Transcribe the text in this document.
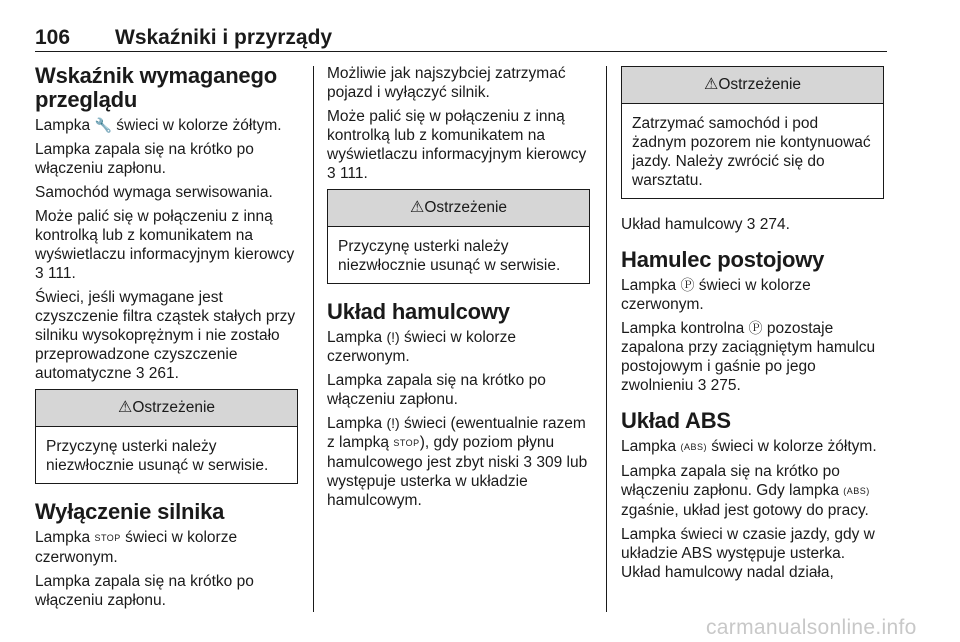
106 Wskaźniki i przyrządy
Wskaźnik wymaganego przeglądu

Lampka 🔧 świeci w kolorze żółtym.

Lampka zapala się na krótko po włączeniu zapłonu.

Samochód wymaga serwisowania.

Może palić się w połączeniu z inną kontrolką lub z komunikatem na wyświetlaczu informacyjnym kierowcy 3 111.

Świeci, jeśli wymagane jest czyszczenie filtra cząstek stałych przy silniku wysokoprężnym i nie zostało przeprowadzone czyszczenie automatyczne 3 261.

⚠Ostrzeżenie

Przyczynę usterki należy niezwłocznie usunąć w serwisie.

Wyłączenie silnika

Lampka STOP świeci w kolorze czerwonym.

Lampka zapala się na krótko po włączeniu zapłonu.

Możliwie jak najszybciej zatrzymać pojazd i wyłączyć silnik.

Może palić się w połączeniu z inną kontrolką lub z komunikatem na wyświetlaczu informacyjnym kierowcy 3 111.

⚠Ostrzeżenie

Przyczynę usterki należy niezwłocznie usunąć w serwisie.

Układ hamulcowy

Lampka (!) świeci w kolorze czerwonym.

Lampka zapala się na krótko po włączeniu zapłonu.

Lampka (!) świeci (ewentualnie razem z lampką STOP), gdy poziom płynu hamulcowego jest zbyt niski 3 309 lub występuje usterka w układzie hamulcowym.

⚠Ostrzeżenie

Zatrzymać samochód i pod żadnym pozorem nie kontynuować jazdy. Należy zwrócić się do warsztatu.

Układ hamulcowy 3 274.

Hamulec postojowy

Lampka Ⓟ świeci w kolorze czerwonym.

Lampka kontrolna Ⓟ pozostaje zapalona przy zaciągniętym hamulcu postojowym i gaśnie po jego zwolnieniu 3 275.

Układ ABS

Lampka (ABS) świeci w kolorze żółtym.

Lampka zapala się na krótko po włączeniu zapłonu. Gdy lampka (ABS) zgaśnie, układ jest gotowy do pracy.

Lampka świeci w czasie jazdy, gdy w układzie ABS występuje usterka. Układ hamulcowy nadal działa,

carmanualsonline.info
